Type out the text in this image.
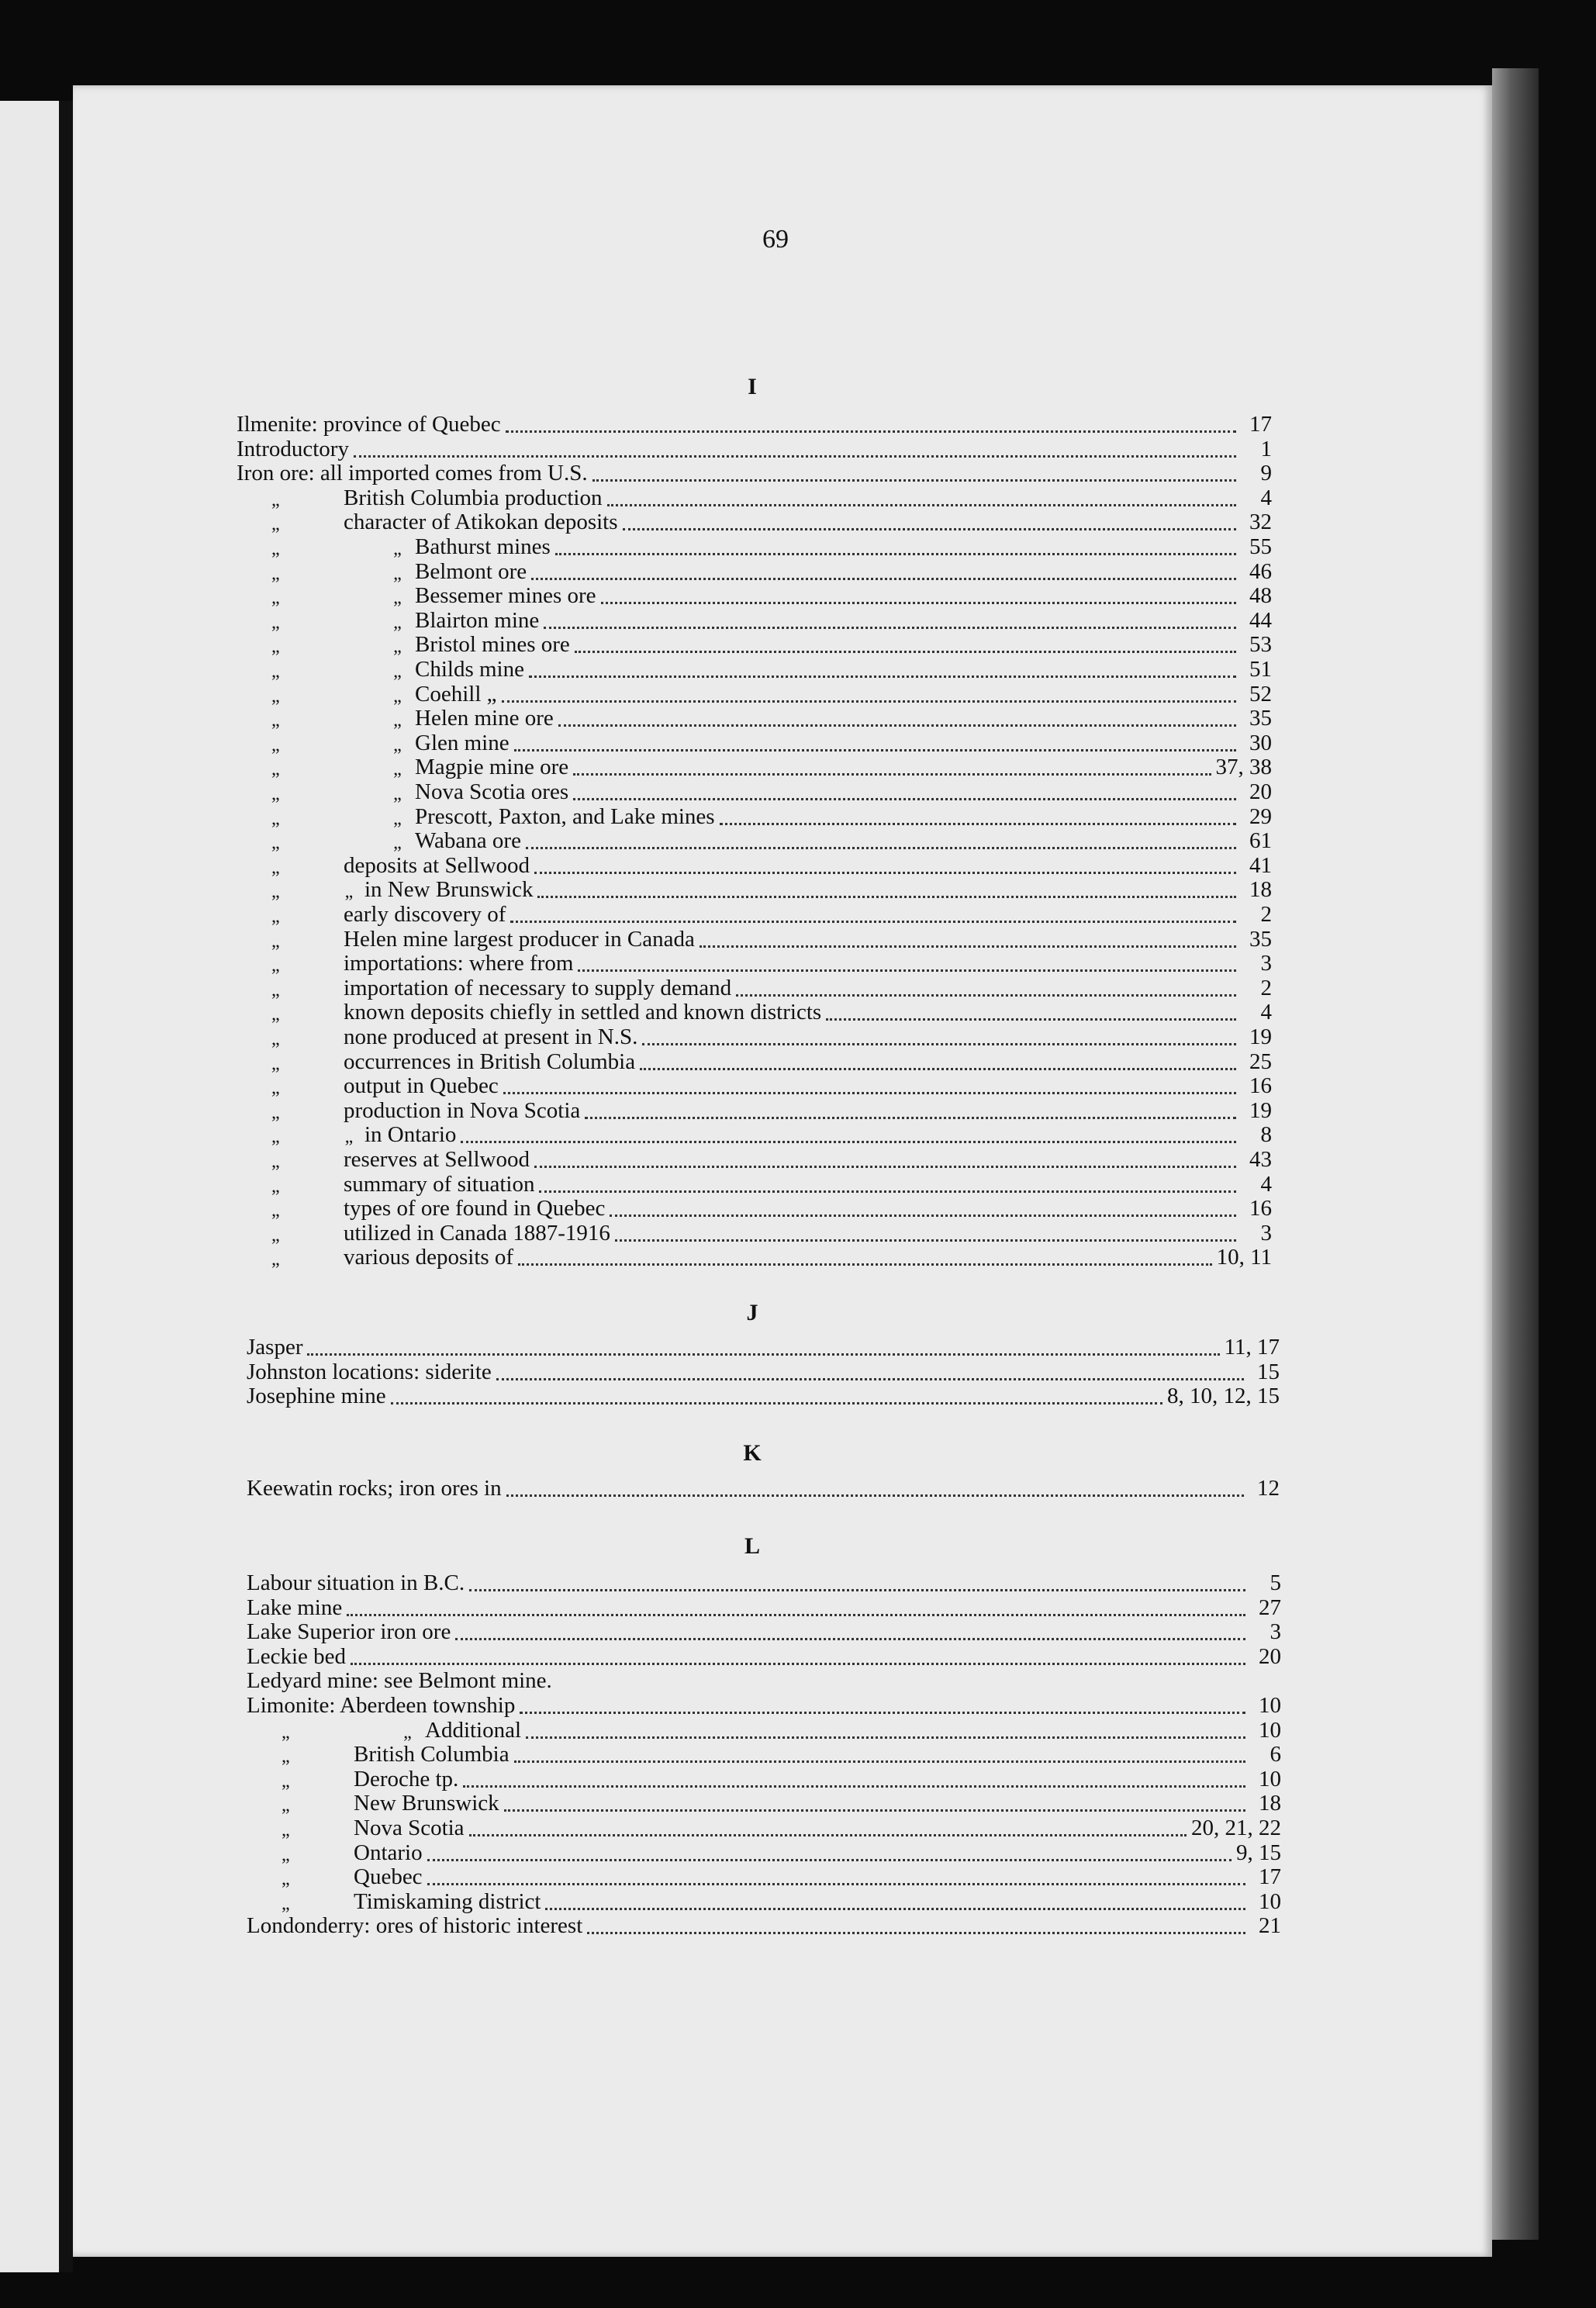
69
I
Ilmenite: province of Quebec	17
Introductory	1
Iron ore: all imported comes from U.S.	9
„	British Columbia production	4
„	character of Atikokan deposits	32
„	„ Bathurst mines	55
„	„ Belmont ore	46
„	„ Bessemer mines ore	48
„	„ Blairton mine	44
„	„ Bristol mines ore	53
„	„ Childs mine	51
„	„ Coehill „	52
„	„ Helen mine ore	35
„	„ Glen mine	30
„	„ Magpie mine ore	37, 38
„	„ Nova Scotia ores	20
„	„ Prescott, Paxton, and Lake mines	29
„	„ Wabana ore	61
„	deposits at Sellwood	41
„	„ in New Brunswick	18
„	early discovery of	2
„	Helen mine largest producer in Canada	35
„	importations: where from	3
„	importation of necessary to supply demand	2
„	known deposits chiefly in settled and known districts	4
„	none produced at present in N.S.	19
„	occurrences in British Columbia	25
„	output in Quebec	16
„	production in Nova Scotia	19
„	„ in Ontario	8
„	reserves at Sellwood	43
„	summary of situation	4
„	types of ore found in Quebec	16
„	utilized in Canada 1887-1916	3
„	various deposits of	10, 11
J
Jasper	11, 17
Johnston locations: siderite	15
Josephine mine	8, 10, 12, 15
K
Keewatin rocks; iron ores in	12
L
Labour situation in B.C.	5
Lake mine	27
Lake Superior iron ore	3
Leckie bed	20
Ledyard mine: see Belmont mine.
Limonite: Aberdeen township	10
„	„ Additional	10
„	British Columbia	6
„	Deroche tp.	10
„	New Brunswick	18
„	Nova Scotia	20, 21, 22
„	Ontario	9, 15
„	Quebec	17
„	Timiskaming district	10
Londonderry: ores of historic interest	21
